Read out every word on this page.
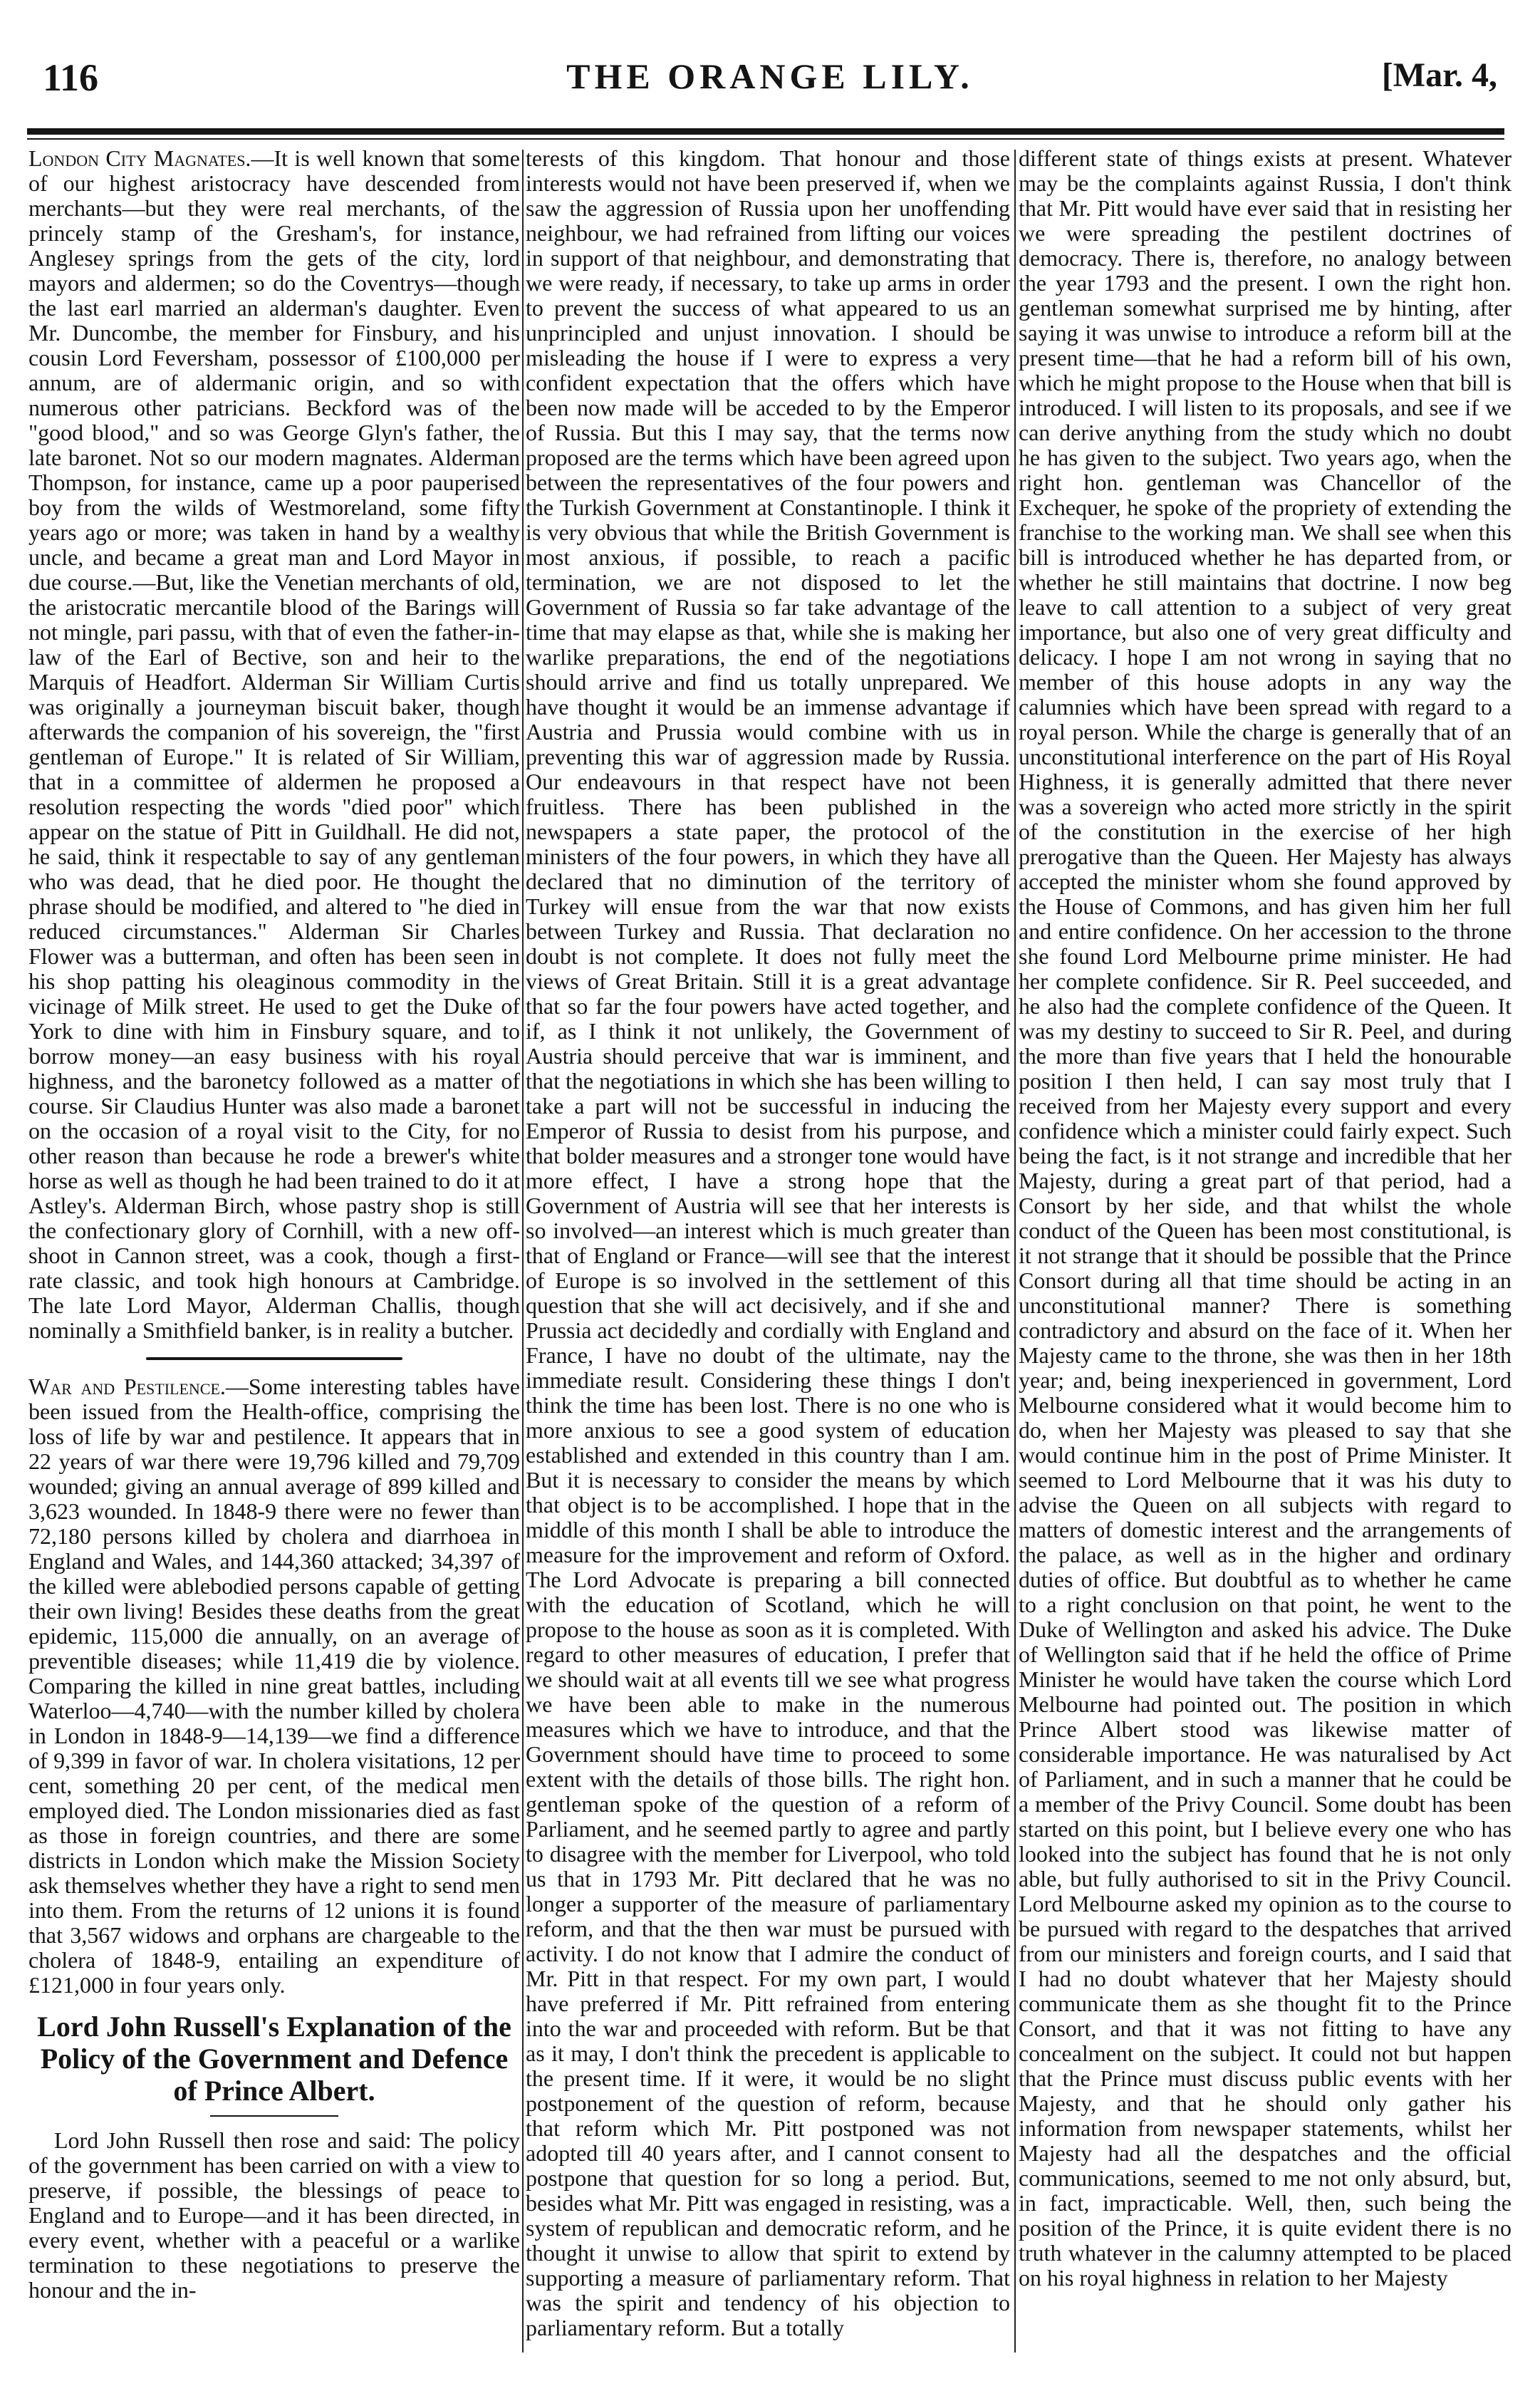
116	THE ORANGE LILY.	[Mar. 4,

London City Magnates.—It is well known that some of our highest aristocracy have descended from merchants—but they were real merchants, of the princely stamp of the Gresham's, for instance, Anglesey springs from the gets of the city, lord mayors and aldermen; so do the Coventrys—though the last earl married an alderman's daughter. Even Mr. Duncombe, the member for Finsbury, and his cousin Lord Feversham, possessor of £100,000 per annum, are of aldermanic origin, and so with numerous other patricians. Beckford was of the "good blood," and so was George Glyn's father, the late baronet. Not so our modern magnates. Alderman Thompson, for instance, came up a poor pauperised boy from the wilds of Westmoreland, some fifty years ago or more; was taken in hand by a wealthy uncle, and became a great man and Lord Mayor in due course.—But, like the Venetian merchants of old, the aristocratic mercantile blood of the Barings will not mingle, pari passu, with that of even the father-in-law of the Earl of Bective, son and heir to the Marquis of Headfort. Alderman Sir William Curtis was originally a journeyman biscuit baker, though afterwards the companion of his sovereign, the "first gentleman of Europe." It is related of Sir William, that in a committee of aldermen he proposed a resolution respecting the words "died poor" which appear on the statue of Pitt in Guildhall. He did not, he said, think it respectable to say of any gentleman who was dead, that he died poor. He thought the phrase should be modified, and altered to "he died in reduced circumstances." Alderman Sir Charles Flower was a butterman, and often has been seen in his shop patting his oleaginous commodity in the vicinage of Milk street. He used to get the Duke of York to dine with him in Finsbury square, and to borrow money—an easy business with his royal highness, and the baronetcy followed as a matter of course. Sir Claudius Hunter was also made a baronet on the occasion of a royal visit to the City, for no other reason than because he rode a brewer's white horse as well as though he had been trained to do it at Astley's. Alderman Birch, whose pastry shop is still the confectionary glory of Cornhill, with a new off-shoot in Cannon street, was a cook, though a first-rate classic, and took high honours at Cambridge. The late Lord Mayor, Alderman Challis, though nominally a Smithfield banker, is in reality a butcher.

War and Pestilence.—Some interesting tables have been issued from the Health-office, comprising the loss of life by war and pestilence. It appears that in 22 years of war there were 19,796 killed and 79,709 wounded; giving an annual average of 899 killed and 3,623 wounded. In 1848-9 there were no fewer than 72,180 persons killed by cholera and diarrhoea in England and Wales, and 144,360 attacked; 34,397 of the killed were ablebodied persons capable of getting their own living! Besides these deaths from the great epidemic, 115,000 die annually, on an average of preventible diseases; while 11,419 die by violence. Comparing the killed in nine great battles, including Waterloo—4,740—with the number killed by cholera in London in 1848-9—14,139—we find a difference of 9,399 in favor of war. In cholera visitations, 12 per cent, something 20 per cent, of the medical men employed died. The London missionaries died as fast as those in foreign countries, and there are some districts in London which make the Mission Society ask themselves whether they have a right to send men into them. From the returns of 12 unions it is found that 3,567 widows and orphans are chargeable to the cholera of 1848-9, entailing an expenditure of £121,000 in four years only.

Lord John Russell's Explanation of the
Policy of the Government and Defence
of Prince Albert.

Lord John Russell then rose and said: The policy of the government has been carried on with a view to preserve, if possible, the blessings of peace to England and to Europe—and it has been directed, in every event, whether with a peaceful or a warlike termination to these negotiations to preserve the honour and the in-

terests of this kingdom. That honour and those interests would not have been preserved if, when we saw the aggression of Russia upon her unoffending neighbour, we had refrained from lifting our voices in support of that neighbour, and demonstrating that we were ready, if necessary, to take up arms in order to prevent the success of what appeared to us an unprincipled and unjust innovation. I should be misleading the house if I were to express a very confident expectation that the offers which have been now made will be acceded to by the Emperor of Russia. But this I may say, that the terms now proposed are the terms which have been agreed upon between the representatives of the four powers and the Turkish Government at Constantinople. I think it is very obvious that while the British Government is most anxious, if possible, to reach a pacific termination, we are not disposed to let the Government of Russia so far take advantage of the time that may elapse as that, while she is making her warlike preparations, the end of the negotiations should arrive and find us totally unprepared. We have thought it would be an immense advantage if Austria and Prussia would combine with us in preventing this war of aggression made by Russia. Our endeavours in that respect have not been fruitless. There has been published in the newspapers a state paper, the protocol of the ministers of the four powers, in which they have all declared that no diminution of the territory of Turkey will ensue from the war that now exists between Turkey and Russia. That declaration no doubt is not complete. It does not fully meet the views of Great Britain. Still it is a great advantage that so far the four powers have acted together, and if, as I think it not unlikely, the Government of Austria should perceive that war is imminent, and that the negotiations in which she has been willing to take a part will not be successful in inducing the Emperor of Russia to desist from his purpose, and that bolder measures and a stronger tone would have more effect, I have a strong hope that the Government of Austria will see that her interests is so involved—an interest which is much greater than that of England or France—will see that the interest of Europe is so involved in the settlement of this question that she will act decisively, and if she and Prussia act decidedly and cordially with England and France, I have no doubt of the ultimate, nay the immediate result. Considering these things I don't think the time has been lost. There is no one who is more anxious to see a good system of education established and extended in this country than I am. But it is necessary to consider the means by which that object is to be accomplished. I hope that in the middle of this month I shall be able to introduce the measure for the improvement and reform of Oxford. The Lord Advocate is preparing a bill connected with the education of Scotland, which he will propose to the house as soon as it is completed. With regard to other measures of education, I prefer that we should wait at all events till we see what progress we have been able to make in the numerous measures which we have to introduce, and that the Government should have time to proceed to some extent with the details of those bills. The right hon. gentleman spoke of the question of a reform of Parliament, and he seemed partly to agree and partly to disagree with the member for Liverpool, who told us that in 1793 Mr. Pitt declared that he was no longer a supporter of the measure of parliamentary reform, and that the then war must be pursued with activity. I do not know that I admire the conduct of Mr. Pitt in that respect. For my own part, I would have preferred if Mr. Pitt refrained from entering into the war and proceeded with reform. But be that as it may, I don't think the precedent is applicable to the present time. If it were, it would be no slight postponement of the question of reform, because that reform which Mr. Pitt postponed was not adopted till 40 years after, and I cannot consent to postpone that question for so long a period. But, besides what Mr. Pitt was engaged in resisting, was a system of republican and democratic reform, and he thought it unwise to allow that spirit to extend by supporting a measure of parliamentary reform. That was the spirit and tendency of his objection to parliamentary reform. But a totally

different state of things exists at present. Whatever may be the complaints against Russia, I don't think that Mr. Pitt would have ever said that in resisting her we were spreading the pestilent doctrines of democracy. There is, therefore, no analogy between the year 1793 and the present. I own the right hon. gentleman somewhat surprised me by hinting, after saying it was unwise to introduce a reform bill at the present time—that he had a reform bill of his own, which he might propose to the House when that bill is introduced. I will listen to its proposals, and see if we can derive anything from the study which no doubt he has given to the subject. Two years ago, when the right hon. gentleman was Chancellor of the Exchequer, he spoke of the propriety of extending the franchise to the working man. We shall see when this bill is introduced whether he has departed from, or whether he still maintains that doctrine. I now beg leave to call attention to a subject of very great importance, but also one of very great difficulty and delicacy. I hope I am not wrong in saying that no member of this house adopts in any way the calumnies which have been spread with regard to a royal person. While the charge is generally that of an unconstitutional interference on the part of His Royal Highness, it is generally admitted that there never was a sovereign who acted more strictly in the spirit of the constitution in the exercise of her high prerogative than the Queen. Her Majesty has always accepted the minister whom she found approved by the House of Commons, and has given him her full and entire confidence. On her accession to the throne she found Lord Melbourne prime minister. He had her complete confidence. Sir R. Peel succeeded, and he also had the complete confidence of the Queen. It was my destiny to succeed to Sir R. Peel, and during the more than five years that I held the honourable position I then held, I can say most truly that I received from her Majesty every support and every confidence which a minister could fairly expect. Such being the fact, is it not strange and incredible that her Majesty, during a great part of that period, had a Consort by her side, and that whilst the whole conduct of the Queen has been most constitutional, is it not strange that it should be possible that the Prince Consort during all that time should be acting in an unconstitutional manner? There is something contradictory and absurd on the face of it. When her Majesty came to the throne, she was then in her 18th year; and, being inexperienced in government, Lord Melbourne considered what it would become him to do, when her Majesty was pleased to say that she would continue him in the post of Prime Minister. It seemed to Lord Melbourne that it was his duty to advise the Queen on all subjects with regard to matters of domestic interest and the arrangements of the palace, as well as in the higher and ordinary duties of office. But doubtful as to whether he came to a right conclusion on that point, he went to the Duke of Wellington and asked his advice. The Duke of Wellington said that if he held the office of Prime Minister he would have taken the course which Lord Melbourne had pointed out. The position in which Prince Albert stood was likewise matter of considerable importance. He was naturalised by Act of Parliament, and in such a manner that he could be a member of the Privy Council. Some doubt has been started on this point, but I believe every one who has looked into the subject has found that he is not only able, but fully authorised to sit in the Privy Council. Lord Melbourne asked my opinion as to the course to be pursued with regard to the despatches that arrived from our ministers and foreign courts, and I said that I had no doubt whatever that her Majesty should communicate them as she thought fit to the Prince Consort, and that it was not fitting to have any concealment on the subject. It could not but happen that the Prince must discuss public events with her Majesty, and that he should only gather his information from newspaper statements, whilst her Majesty had all the despatches and the official communications, seemed to me not only absurd, but, in fact, impracticable. Well, then, such being the position of the Prince, it is quite evident there is no truth whatever in the calumny attempted to be placed on his royal highness in relation to her Majesty
